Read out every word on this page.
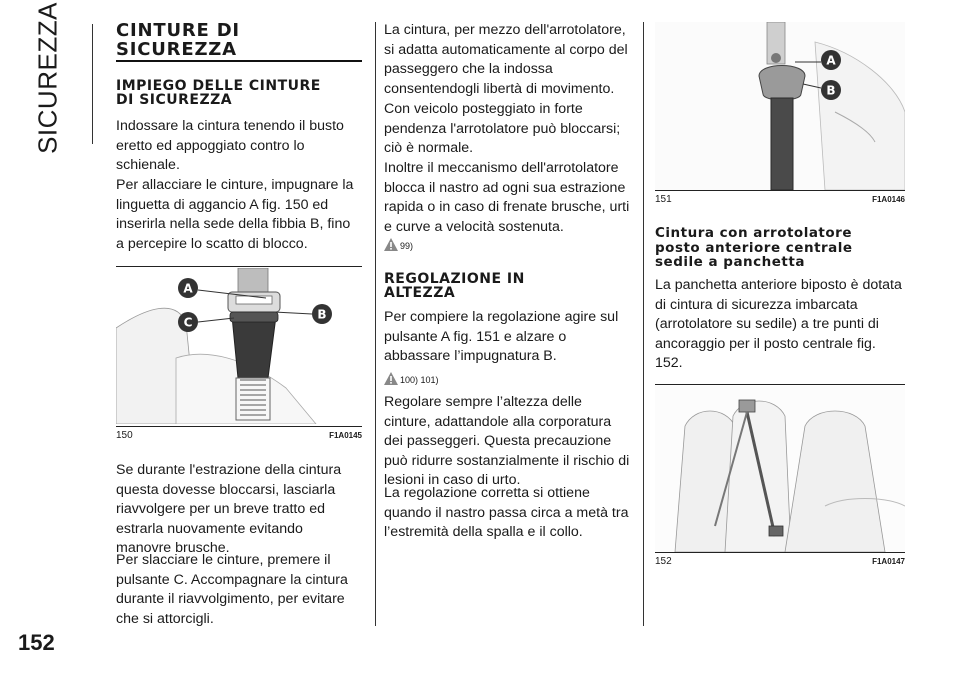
SICUREZZA
152
CINTURE DI
SICUREZZA
IMPIEGO DELLE CINTURE
DI SICUREZZA

Indossare la cintura tenendo il busto eretto ed appoggiato contro lo schienale.

Per allacciare le cinture, impugnare la linguetta di aggancio A fig. 150 ed inserirla nella sede della fibbia B, fino a percepire lo scatto di blocco.

A
B
C
150	F1A0145

Se durante l'estrazione della cintura questa dovesse bloccarsi, lasciarla riavvolgere per un breve tratto ed estrarla nuovamente evitando manovre brusche.

Per slacciare le cinture, premere il pulsante C. Accompagnare la cintura durante il riavvolgimento, per evitare che si attorcigli.

La cintura, per mezzo dell'arrotolatore, si adatta automaticamente al corpo del passeggero che la indossa consentendogli libertà di movimento.

Con veicolo posteggiato in forte pendenza l'arrotolatore può bloccarsi; ciò è normale.

Inoltre il meccanismo dell'arrotolatore blocca il nastro ad ogni sua estrazione rapida o in caso di frenate brusche, urti e curve a velocità sostenuta.

99)
REGOLAZIONE IN
ALTEZZA

Per compiere la regolazione agire sul pulsante A fig. 151 e alzare o abbassare l’impugnatura B.

100) 101)

Regolare sempre l’altezza delle cinture, adattandole alla corporatura dei passeggeri. Questa precauzione può ridurre sostanzialmente il rischio di lesioni in caso di urto.

La regolazione corretta si ottiene quando il nastro passa circa a metà tra l’estremità della spalla e il collo.

A
B
151	F1A0146
Cintura con arrotolatore
posto anteriore centrale
sedile a panchetta

La panchetta anteriore biposto è dotata di cintura di sicurezza imbarcata (arrotolatore su sedile) a tre punti di ancoraggio per il posto centrale fig. 152.

152	F1A0147
